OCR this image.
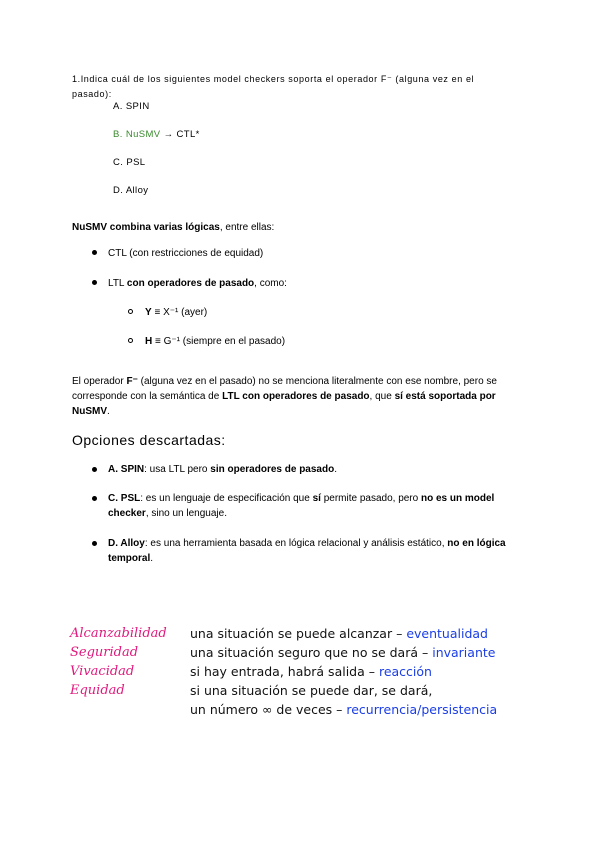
1.Indica cuál de los siguientes model checkers soporta el operador F⁻ (alguna vez en el pasado):
A. SPIN
B. NuSMV → CTL*
C. PSL
D. Alloy
NuSMV combina varias lógicas, entre ellas:
CTL (con restricciones de equidad)
LTL con operadores de pasado, como:
Y ≡ X⁻¹ (ayer)
H ≡ G⁻¹ (siempre en el pasado)
El operador F⁻ (alguna vez en el pasado) no se menciona literalmente con ese nombre, pero se corresponde con la semántica de LTL con operadores de pasado, que sí está soportada por NuSMV.
Opciones descartadas:
A. SPIN: usa LTL pero sin operadores de pasado.
C. PSL: es un lenguaje de especificación que sí permite pasado, pero no es un model checker, sino un lenguaje.
D. Alloy: es una herramienta basada en lógica relacional y análisis estático, no en lógica temporal.
Alcanzabilidad una situación se puede alcanzar – eventualidad
Seguridad	una situación seguro que no se dará – invariante
Vivacidad	si hay entrada, habrá salida – reacción
Equidad	si una situación se puede dar, se dará,
un número ∞ de veces – recurrencia/persistencia
